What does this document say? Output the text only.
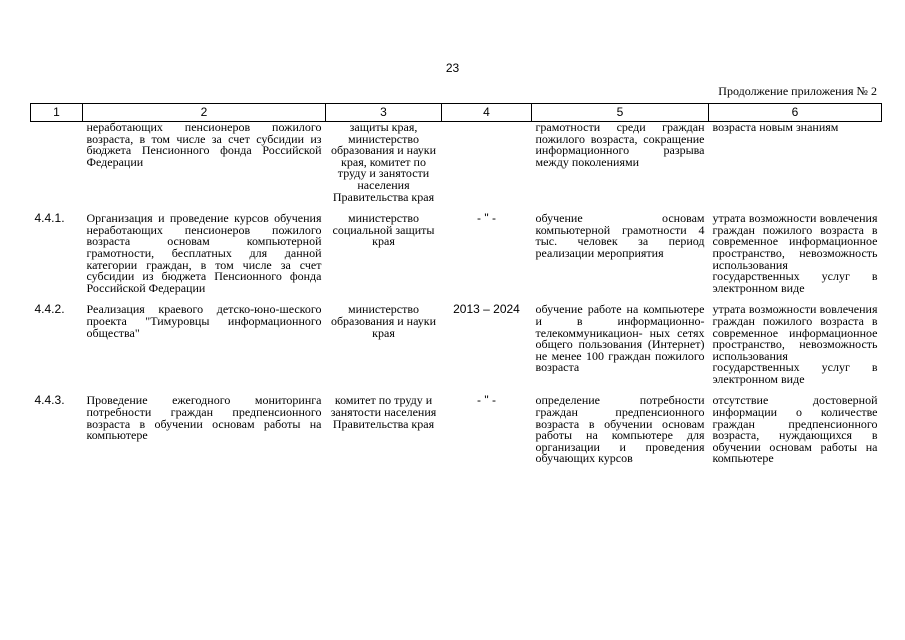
23
Продолжение приложения № 2
1	2	3	4	5	6
	неработающих пенсионеров пожилого возраста, в том числе за счет субсидии из бюджета Пенсионного фонда Российской Федерации	защиты края, министерство образования и науки края, комитет по труду и занятости населения Правительства края		грамотности среди граждан пожилого возраста, сокращение информационного разрыва между поколениями	возраста новым знаниям

4.4.1.	Организация и проведение курсов обучения неработающих пенсионеров пожилого возраста основам компьютерной грамотности, бесплатных для данной категории граждан, в том числе за счет субсидии из бюджета Пенсионного фонда Российской Федерации	министерство социальной защиты края	- " -	обучение основам компьютерной грамотности 4 тыс. человек за период реализации мероприятия	утрата возможности вовлечения граждан пожилого возраста в современное информационное пространство, невозможность использования государственных услуг в электронном виде

4.4.2.	Реализация краевого детско-юно-шеского проекта "Тимуровцы информационного общества"	министерство образования и науки края	2013 – 2024	обучение работе на компьютере и в информационно-телекоммуникацион- ных сетях общего пользования (Интернет) не менее 100 граждан пожилого возраста	утрата возможности вовлечения граждан пожилого возраста в современное информационное пространство, невозможность использования государственных услуг в электронном виде

4.4.3.	Проведение ежегодного мониторинга потребности граждан предпенсионного возраста в обучении основам работы на компьютере	комитет по труду и занятости населения Правительства края	- " -	определение потребности граждан предпенсионного возраста в обучении основам работы на компьютере для организации и проведения обучающих курсов	отсутствие достоверной информации о количестве граждан предпенсионного возраста, нуждающихся в обучении основам работы на компьютере
